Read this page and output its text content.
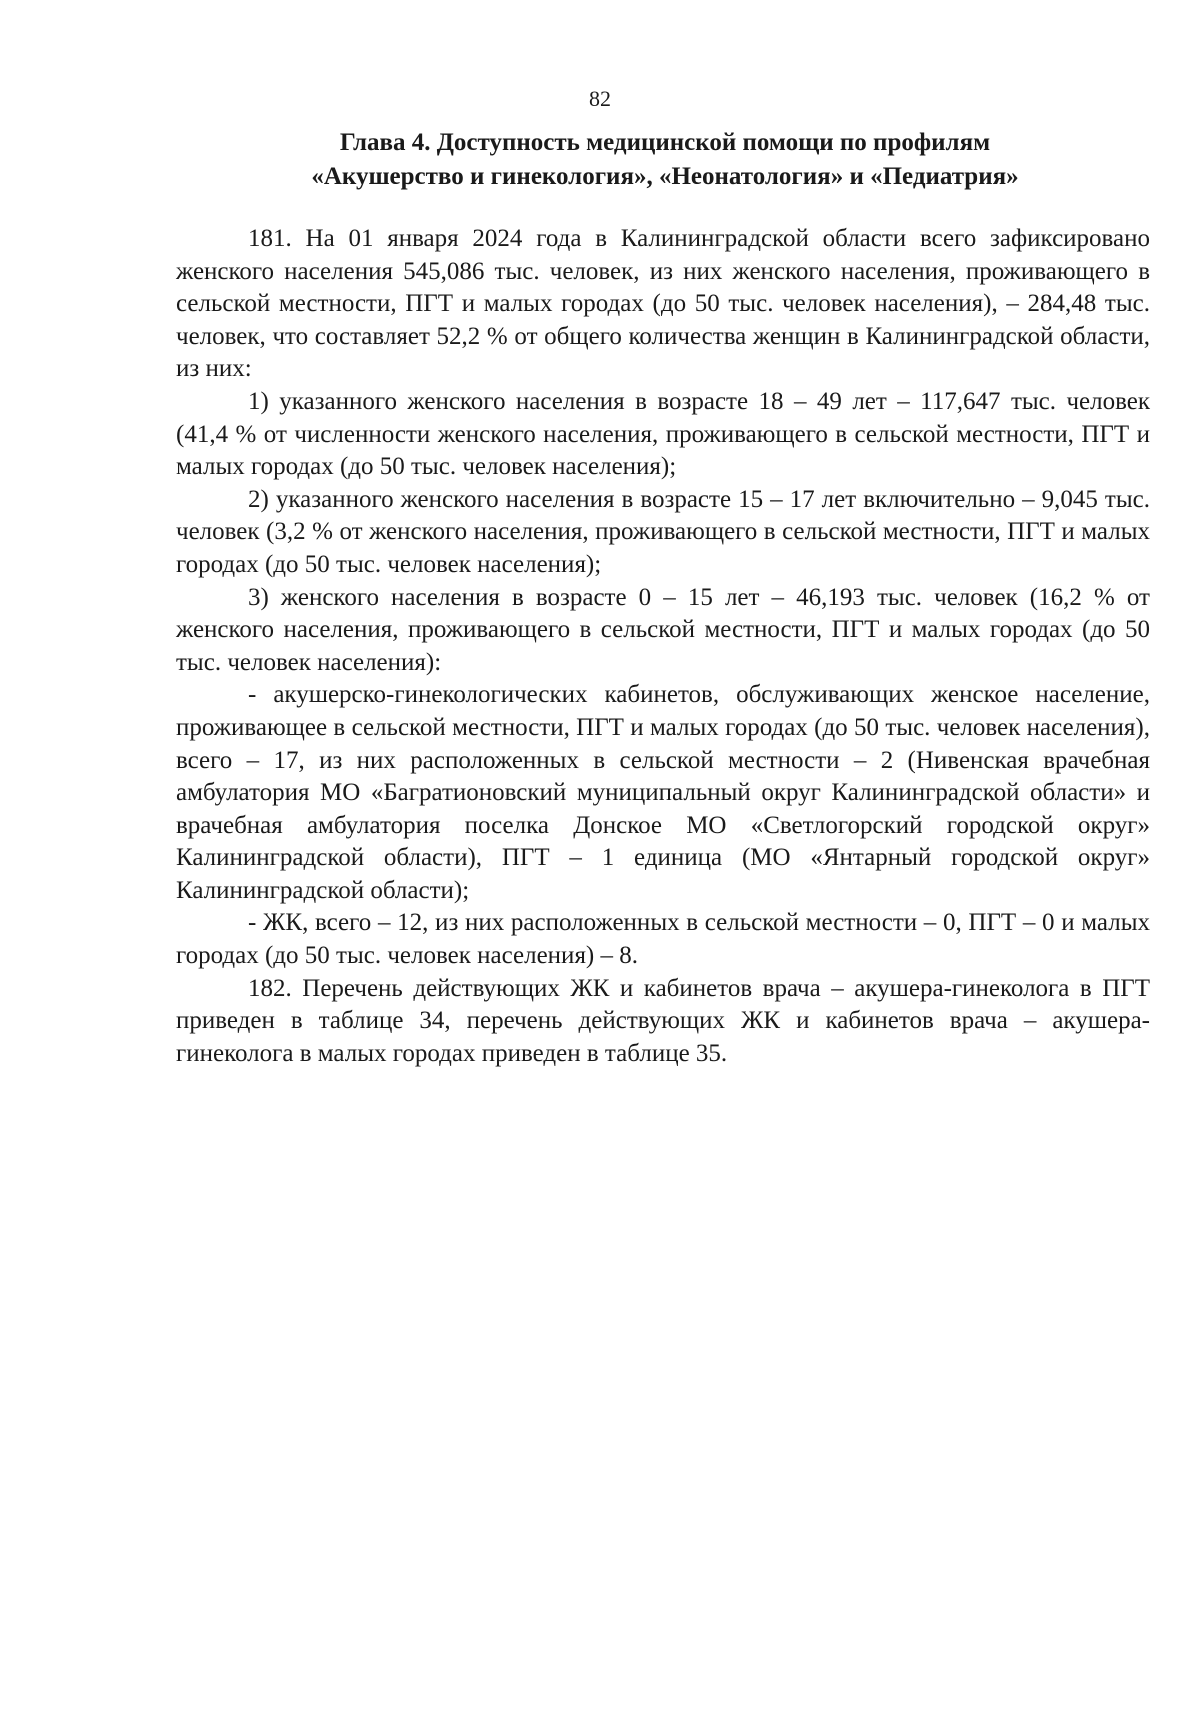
82
Глава 4. Доступность медицинской помощи по профилям
«Акушерство и гинекология», «Неонатология» и «Педиатрия»

181. На 01 января 2024 года в Калининградской области всего зафиксировано женского населения 545,086 тыс. человек, из них женского населения, проживающего в сельской местности, ПГТ и малых городах (до 50 тыс. человек населения), – 284,48 тыс. человек, что составляет 52,2 % от общего количества женщин в Калининградской области, из них:

1) указанного женского населения в возрасте 18 – 49 лет – 117,647 тыс. человек (41,4 % от численности женского населения, проживающего в сельской местности, ПГТ и малых городах (до 50 тыс. человек населения);

2) указанного женского населения в возрасте 15 – 17 лет включительно – 9,045 тыс. человек (3,2 % от женского населения, проживающего в сельской местности, ПГТ и малых городах (до 50 тыс. человек населения);

3) женского населения в возрасте 0 – 15 лет – 46,193 тыс. человек (16,2 % от женского населения, проживающего в сельской местности, ПГТ и малых городах (до 50 тыс. человек населения):

- акушерско-гинекологических кабинетов, обслуживающих женское население, проживающее в сельской местности, ПГТ и малых городах (до 50 тыс. человек населения), всего – 17, из них расположенных в сельской местности – 2 (Нивенская врачебная амбулатория МО «Багратионовский муниципальный округ Калининградской области» и врачебная амбулатория поселка Донское МО «Светлогорский городской округ» Калининградской области), ПГТ – 1 единица (МО «Янтарный городской округ» Калининградской области);

- ЖК, всего – 12, из них расположенных в сельской местности – 0, ПГТ – 0 и малых городах (до 50 тыс. человек населения) – 8.

182. Перечень действующих ЖК и кабинетов врача – акушера-гинеколога в ПГТ приведен в таблице 34, перечень действующих ЖК и кабинетов врача – акушера-гинеколога в малых городах приведен в таблице 35.
